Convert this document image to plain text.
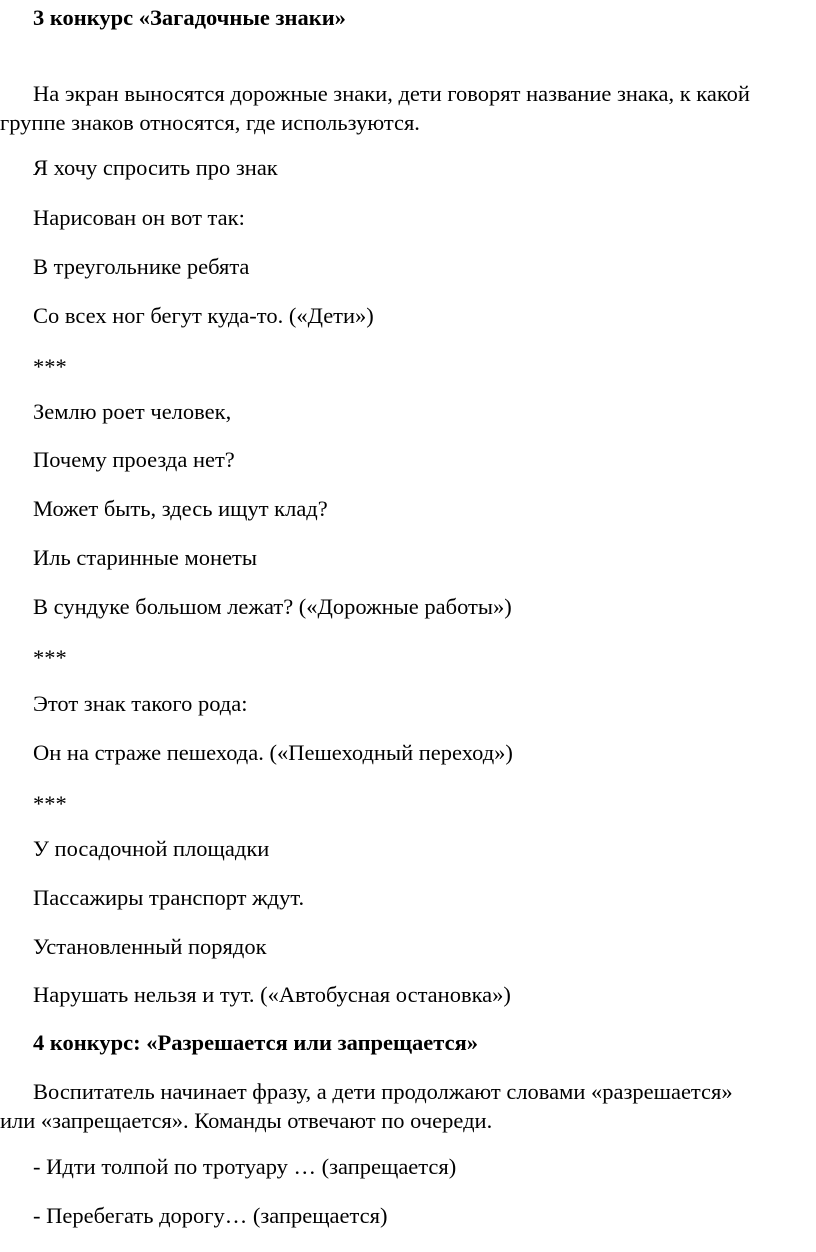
3 конкурс «Загадочные знаки»
На экран выносятся дорожные знаки, дети говорят название знака, к какой
группе знаков относятся, где используются.
Я хочу спросить про знак
Нарисован он вот так:
В треугольнике ребята
Со всех ног бегут куда-то. («Дети»)
***
Землю роет человек,
Почему проезда нет?
Может быть, здесь ищут клад?
Иль старинные монеты
В сундуке большом лежат? («Дорожные работы»)
***
Этот знак такого рода:
Он на страже пешехода. («Пешеходный переход»)
***
У посадочной площадки
Пассажиры транспорт ждут.
Установленный порядок
Нарушать нельзя и тут. («Автобусная остановка»)
4 конкурс: «Разрешается или запрещается»
Воспитатель начинает фразу, а дети продолжают словами «разрешается»
или «запрещается». Команды отвечают по очереди.
- Идти толпой по тротуару … (запрещается)
- Перебегать дорогу… (запрещается)
